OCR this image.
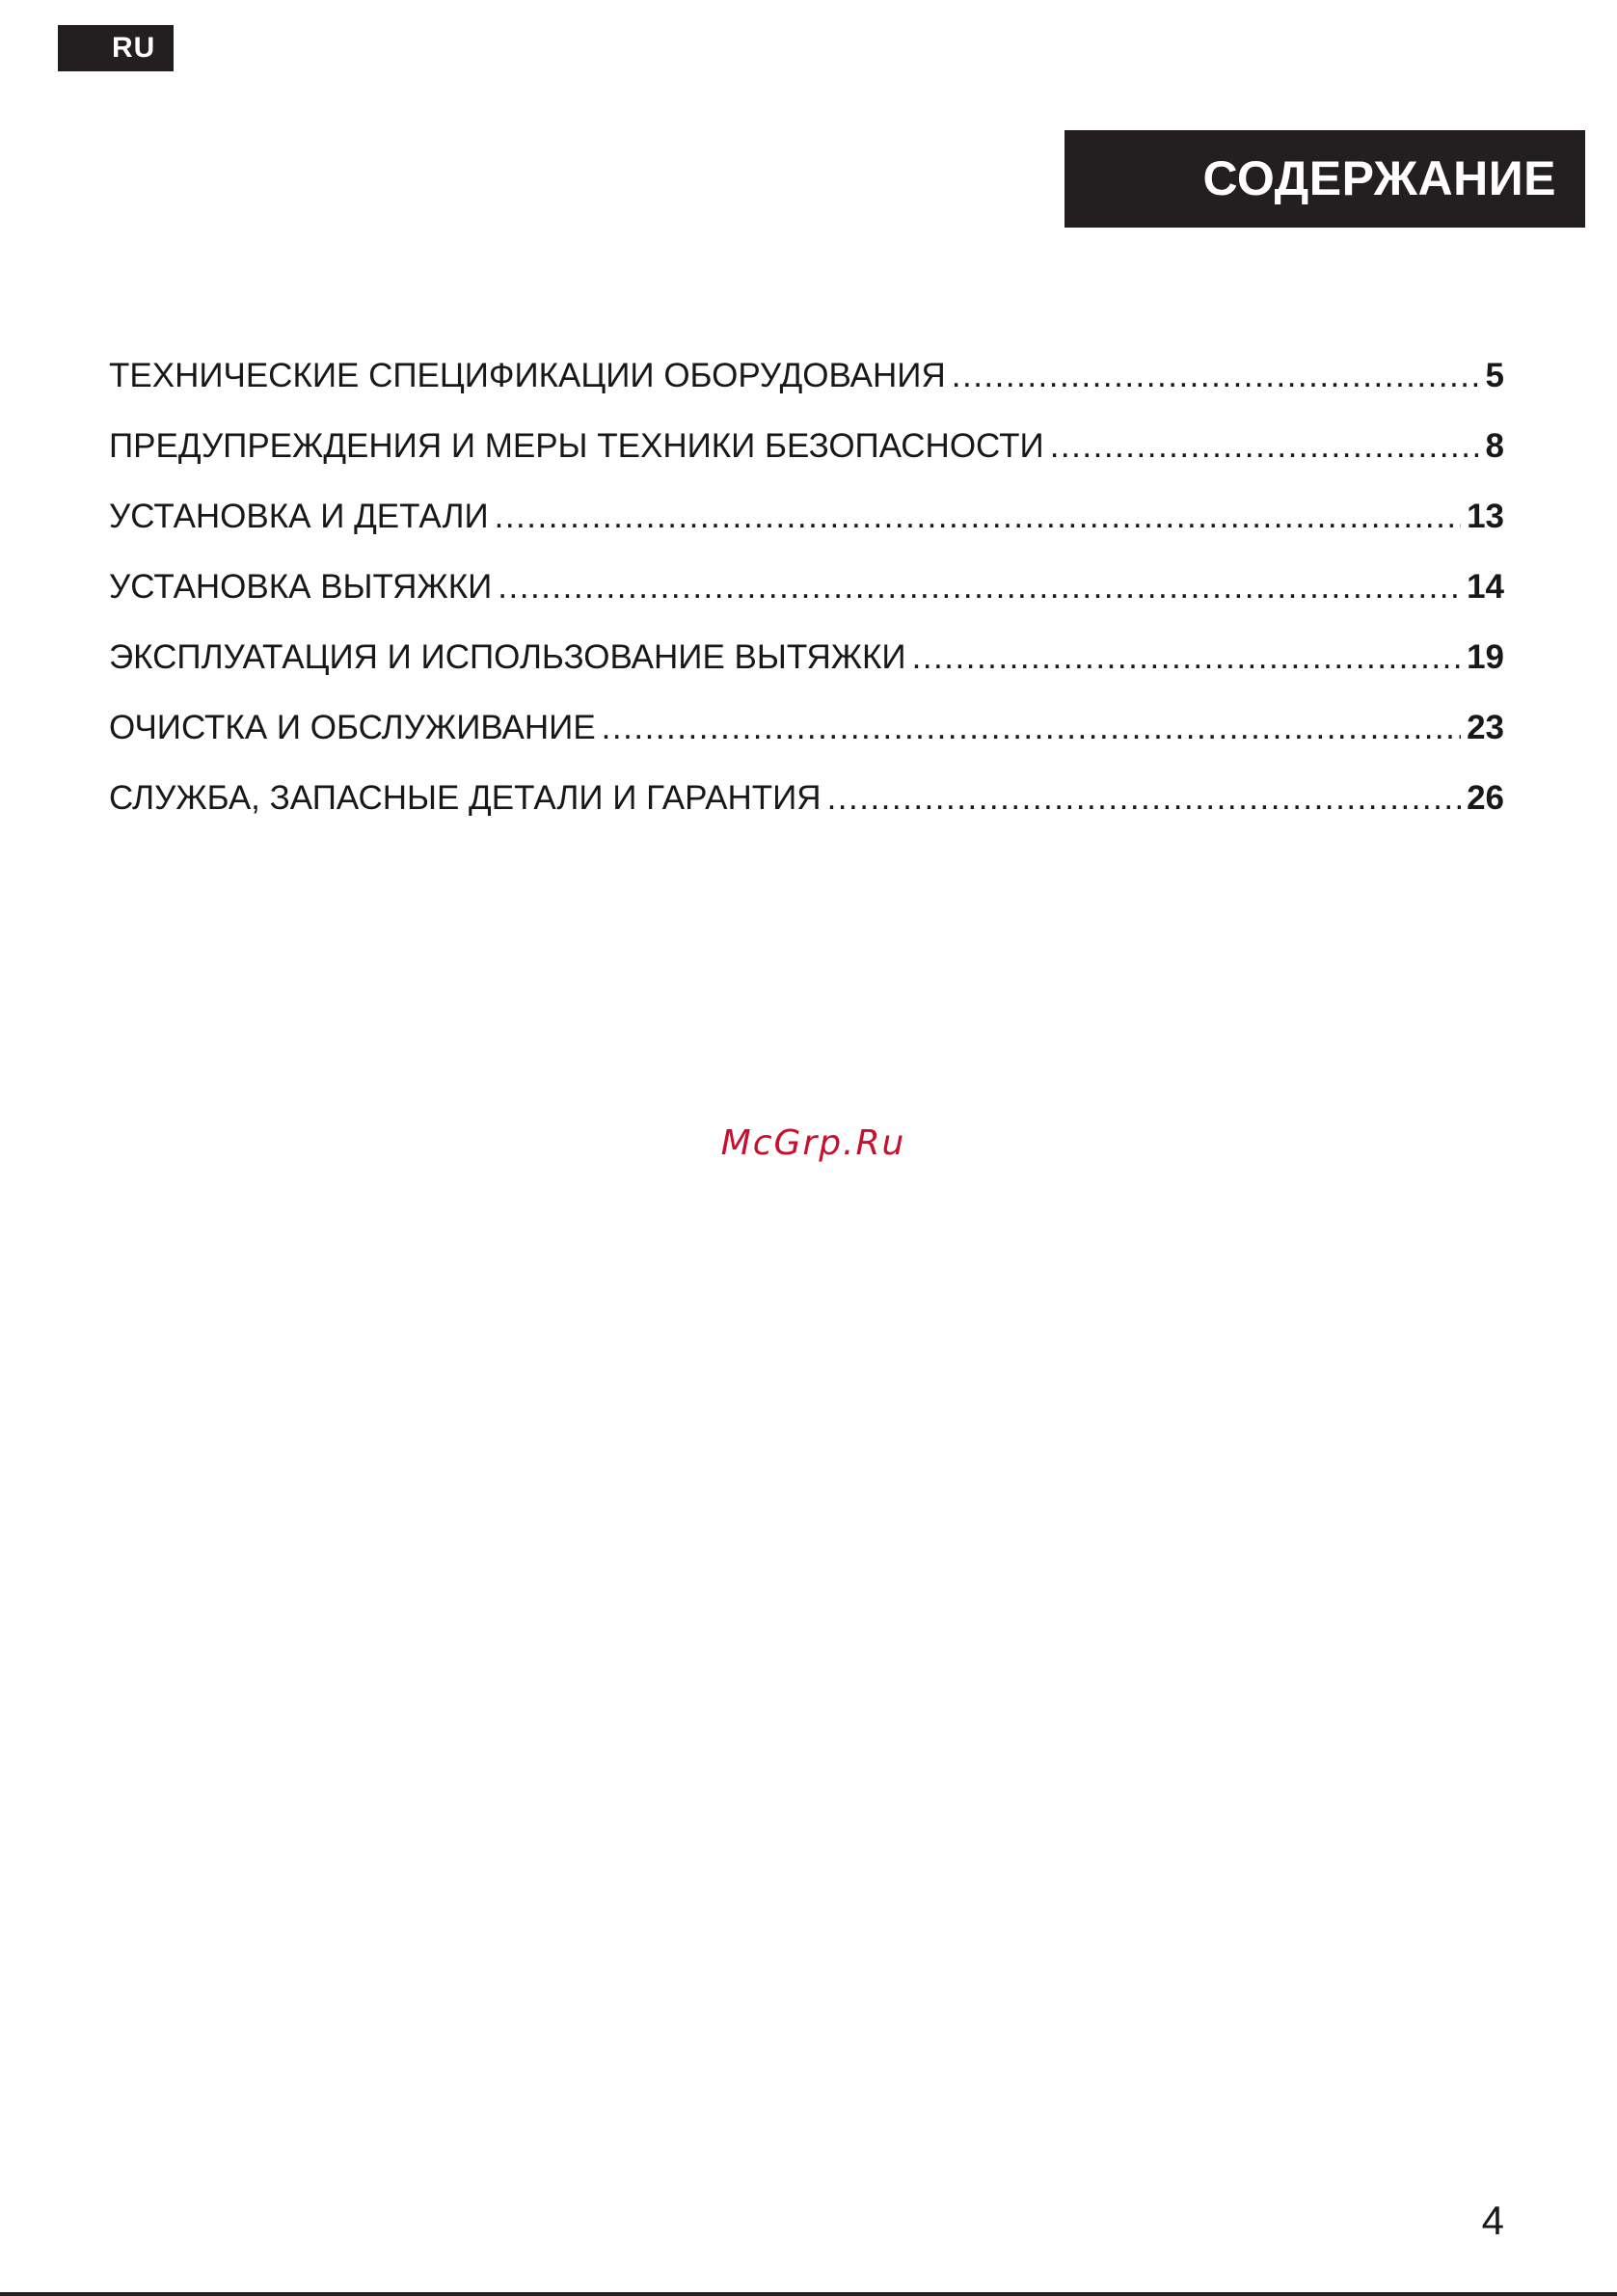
RU
СОДЕРЖАНИЕ
ТЕХНИЧЕСКИЕ СПЕЦИФИКАЦИИ ОБОРУДОВАНИЯ .....	5
ПРЕДУПРЕЖДЕНИЯ И МЕРЫ ТЕХНИКИ БЕЗОПАСНОСТИ .....	8
УСТАНОВКА И ДЕТАЛИ .....	13
УСТАНОВКА ВЫТЯЖКИ .....	14
ЭКСПЛУАТАЦИЯ И ИСПОЛЬЗОВАНИЕ ВЫТЯЖКИ .....	19
ОЧИСТКА И ОБСЛУЖИВАНИЕ .....	23
СЛУЖБА, ЗАПАСНЫЕ ДЕТАЛИ И ГАРАНТИЯ .....	26
McGrp.Ru
4
